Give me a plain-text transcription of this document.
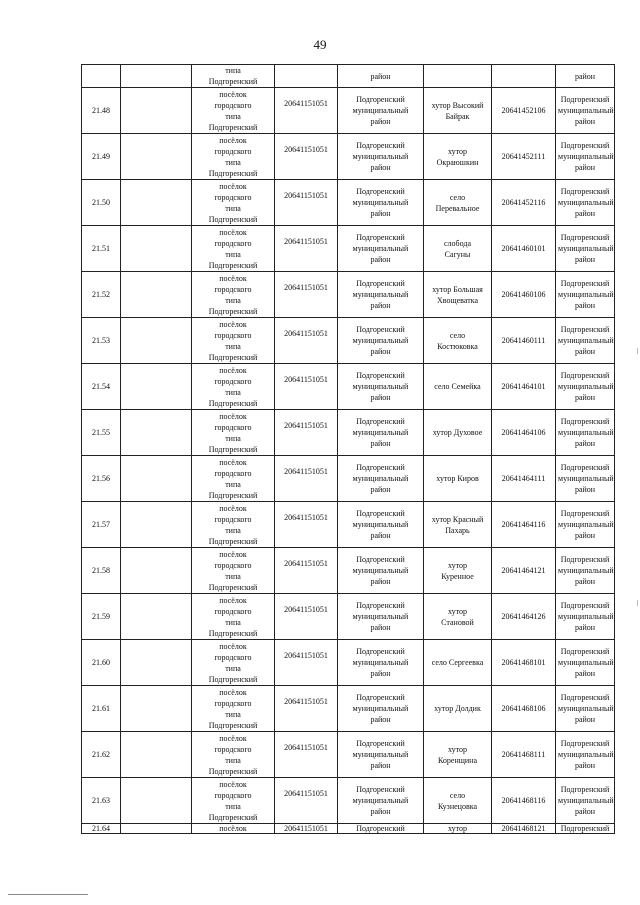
49
		типа
Подгоренский		район			район
21.48		посёлок
городского
типа
Подгоренский	20641151051	Подгоренский
муниципальный
район	хутор Высокий
Байрак	20641452106	Подгоренский
муниципальный
район
21.49		посёлок
городского
типа
Подгоренский	20641151051	Подгоренский
муниципальный
район	хутор
Окраюшкин	20641452111	Подгоренский
муниципальный
район
21.50		посёлок
городского
типа
Подгоренский	20641151051	Подгоренский
муниципальный
район	село
Перевальное	20641452116	Подгоренский
муниципальный
район
21.51		посёлок
городского
типа
Подгоренский	20641151051	Подгоренский
муниципальный
район	слобода
Сагуны	20641460101	Подгоренский
муниципальный
район
21.52		посёлок
городского
типа
Подгоренский	20641151051	Подгоренский
муниципальный
район	хутор Большая
Хвощеватка	20641460106	Подгоренский
муниципальный
район
21.53		посёлок
городского
типа
Подгоренский	20641151051	Подгоренский
муниципальный
район	село
Костюковка	20641460111	Подгоренский
муниципальный
район
21.54		посёлок
городского
типа
Подгоренский	20641151051	Подгоренский
муниципальный
район	село Семейка	20641464101	Подгоренский
муниципальный
район
21.55		посёлок
городского
типа
Подгоренский	20641151051	Подгоренский
муниципальный
район	хутор Духовое	20641464106	Подгоренский
муниципальный
район
21.56		посёлок
городского
типа
Подгоренский	20641151051	Подгоренский
муниципальный
район	хутор Киров	20641464111	Подгоренский
муниципальный
район
21.57		посёлок
городского
типа
Подгоренский	20641151051	Подгоренский
муниципальный
район	хутор Красный
Пахарь	20641464116	Подгоренский
муниципальный
район
21.58		посёлок
городского
типа
Подгоренский	20641151051	Подгоренский
муниципальный
район	хутор
Куренное	20641464121	Подгоренский
муниципальный
район
21.59		посёлок
городского
типа
Подгоренский	20641151051	Подгоренский
муниципальный
район	хутор
Становой	20641464126	Подгоренский
муниципальный
район
21.60		посёлок
городского
типа
Подгоренский	20641151051	Подгоренский
муниципальный
район	село Сергеевка	20641468101	Подгоренский
муниципальный
район
21.61		посёлок
городского
типа
Подгоренский	20641151051	Подгоренский
муниципальный
район	хутор Долдик	20641468106	Подгоренский
муниципальный
район
21.62		посёлок
городского
типа
Подгоренский	20641151051	Подгоренский
муниципальный
район	хутор
Коренщина	20641468111	Подгоренский
муниципальный
район
21.63		посёлок
городского
типа
Подгоренский	20641151051	Подгоренский
муниципальный
район	село
Кузнецовка	20641468116	Подгоренский
муниципальный
район
21.64		посёлок	20641151051	Подгоренский	хутор	20641468121	Подгоренский
